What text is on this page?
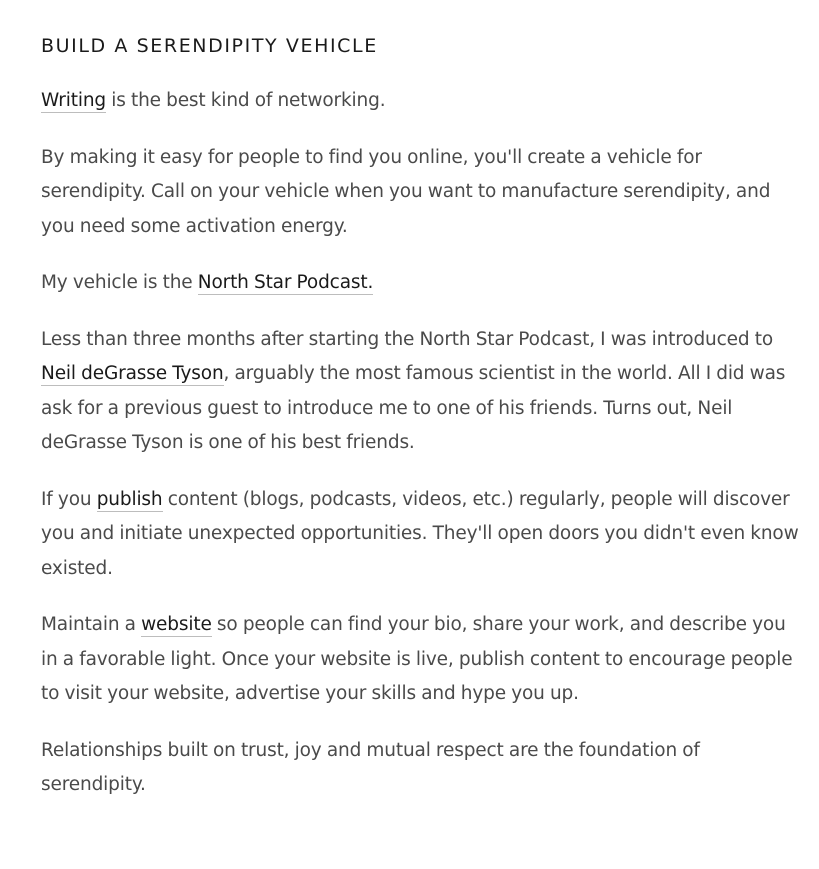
BUILD A SERENDIPITY VEHICLE

Writing is the best kind of networking.

By making it easy for people to find you online, you'll create a vehicle for serendipity. Call on your vehicle when you want to manufacture serendipity, and you need some activation energy.

My vehicle is the North Star Podcast.

Less than three months after starting the North Star Podcast, I was introduced to Neil deGrasse Tyson, arguably the most famous scientist in the world. All I did was ask for a previous guest to introduce me to one of his friends. Turns out, Neil deGrasse Tyson is one of his best friends.

If you publish content (blogs, podcasts, videos, etc.) regularly, people will discover you and initiate unexpected opportunities. They'll open doors you didn't even know existed.

Maintain a website so people can find your bio, share your work, and describe you in a favorable light. Once your website is live, publish content to encourage people to visit your website, advertise your skills and hype you up.

Relationships built on trust, joy and mutual respect are the foundation of serendipity.
